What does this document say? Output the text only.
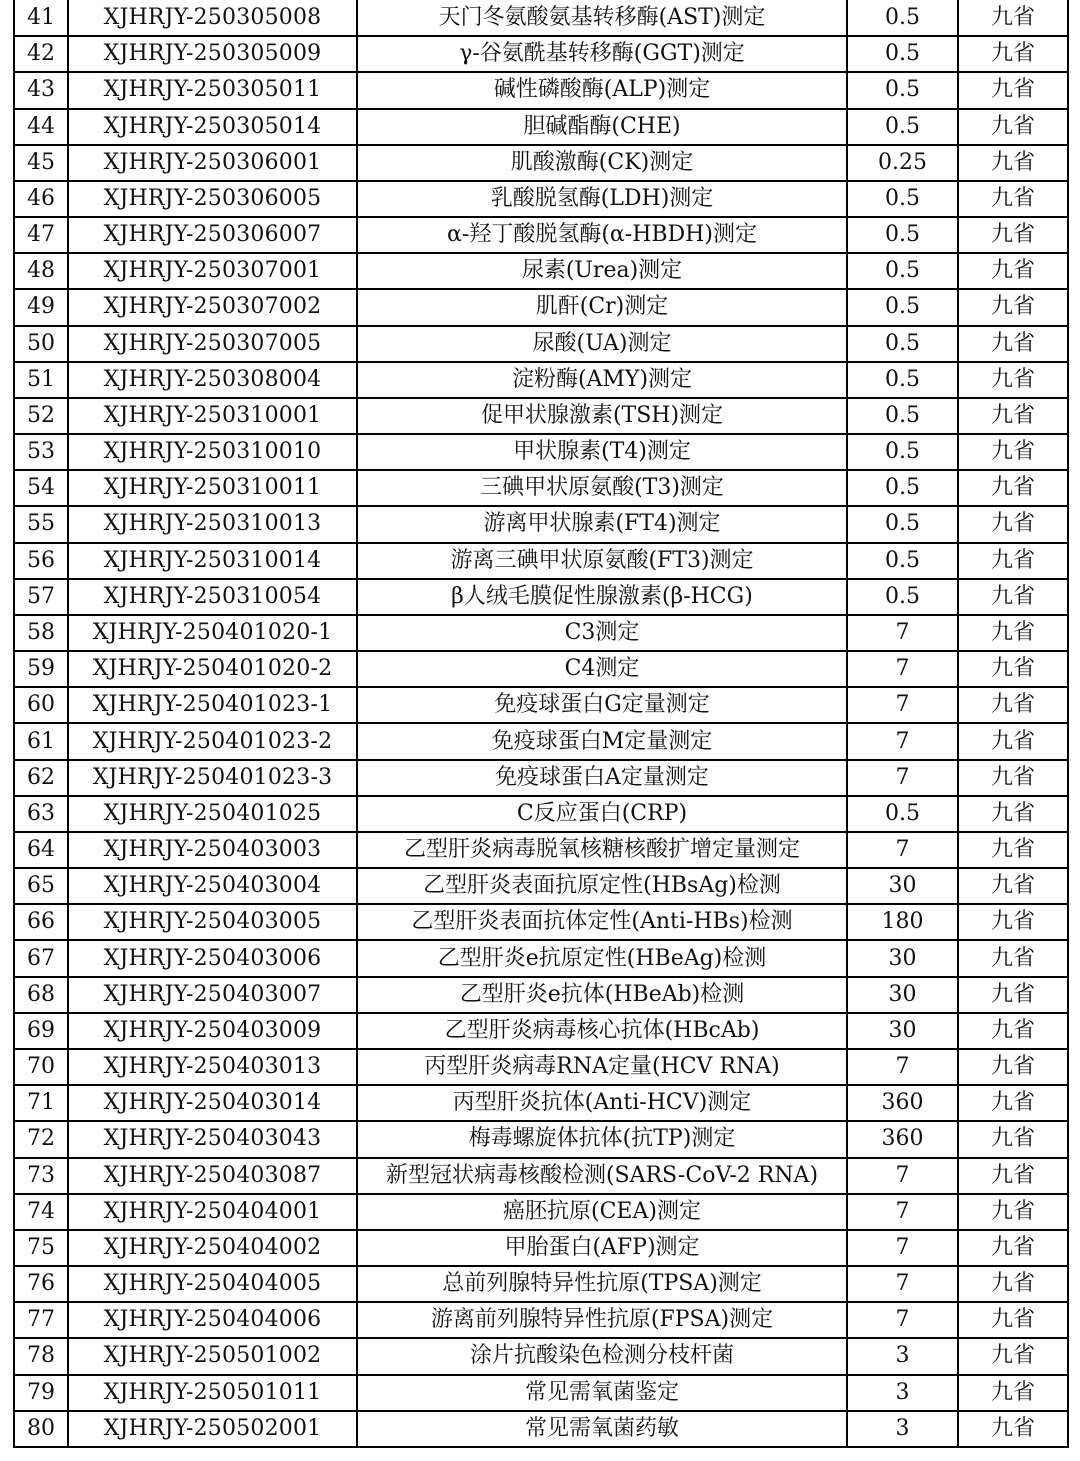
41	XJHRJY-250305008	天门冬氨酸氨基转移酶(AST)测定	0.5	九省
42	XJHRJY-250305009	γ-谷氨酰基转移酶(GGT)测定	0.5	九省
43	XJHRJY-250305011	碱性磷酸酶(ALP)测定	0.5	九省
44	XJHRJY-250305014	胆碱酯酶(CHE)	0.5	九省
45	XJHRJY-250306001	肌酸激酶(CK)测定	0.25	九省
46	XJHRJY-250306005	乳酸脱氢酶(LDH)测定	0.5	九省
47	XJHRJY-250306007	α-羟丁酸脱氢酶(α-HBDH)测定	0.5	九省
48	XJHRJY-250307001	尿素(Urea)测定	0.5	九省
49	XJHRJY-250307002	肌酐(Cr)测定	0.5	九省
50	XJHRJY-250307005	尿酸(UA)测定	0.5	九省
51	XJHRJY-250308004	淀粉酶(AMY)测定	0.5	九省
52	XJHRJY-250310001	促甲状腺激素(TSH)测定	0.5	九省
53	XJHRJY-250310010	甲状腺素(T4)测定	0.5	九省
54	XJHRJY-250310011	三碘甲状原氨酸(T3)测定	0.5	九省
55	XJHRJY-250310013	游离甲状腺素(FT4)测定	0.5	九省
56	XJHRJY-250310014	游离三碘甲状原氨酸(FT3)测定	0.5	九省
57	XJHRJY-250310054	β人绒毛膜促性腺激素(β-HCG)	0.5	九省
58	XJHRJY-250401020-1	C3测定	7	九省
59	XJHRJY-250401020-2	C4测定	7	九省
60	XJHRJY-250401023-1	免疫球蛋白G定量测定	7	九省
61	XJHRJY-250401023-2	免疫球蛋白M定量测定	7	九省
62	XJHRJY-250401023-3	免疫球蛋白A定量测定	7	九省
63	XJHRJY-250401025	C反应蛋白(CRP)	0.5	九省
64	XJHRJY-250403003	乙型肝炎病毒脱氧核糖核酸扩增定量测定	7	九省
65	XJHRJY-250403004	乙型肝炎表面抗原定性(HBsAg)检测	30	九省
66	XJHRJY-250403005	乙型肝炎表面抗体定性(Anti-HBs)检测	180	九省
67	XJHRJY-250403006	乙型肝炎e抗原定性(HBeAg)检测	30	九省
68	XJHRJY-250403007	乙型肝炎e抗体(HBeAb)检测	30	九省
69	XJHRJY-250403009	乙型肝炎病毒核心抗体(HBcAb)	30	九省
70	XJHRJY-250403013	丙型肝炎病毒RNA定量(HCV RNA)	7	九省
71	XJHRJY-250403014	丙型肝炎抗体(Anti-HCV)测定	360	九省
72	XJHRJY-250403043	梅毒螺旋体抗体(抗TP)测定	360	九省
73	XJHRJY-250403087	新型冠状病毒核酸检测(SARS-CoV-2 RNA)	7	九省
74	XJHRJY-250404001	癌胚抗原(CEA)测定	7	九省
75	XJHRJY-250404002	甲胎蛋白(AFP)测定	7	九省
76	XJHRJY-250404005	总前列腺特异性抗原(TPSA)测定	7	九省
77	XJHRJY-250404006	游离前列腺特异性抗原(FPSA)测定	7	九省
78	XJHRJY-250501002	涂片抗酸染色检测分枝杆菌	3	九省
79	XJHRJY-250501011	常见需氧菌鉴定	3	九省
80	XJHRJY-250502001	常见需氧菌药敏	3	九省
